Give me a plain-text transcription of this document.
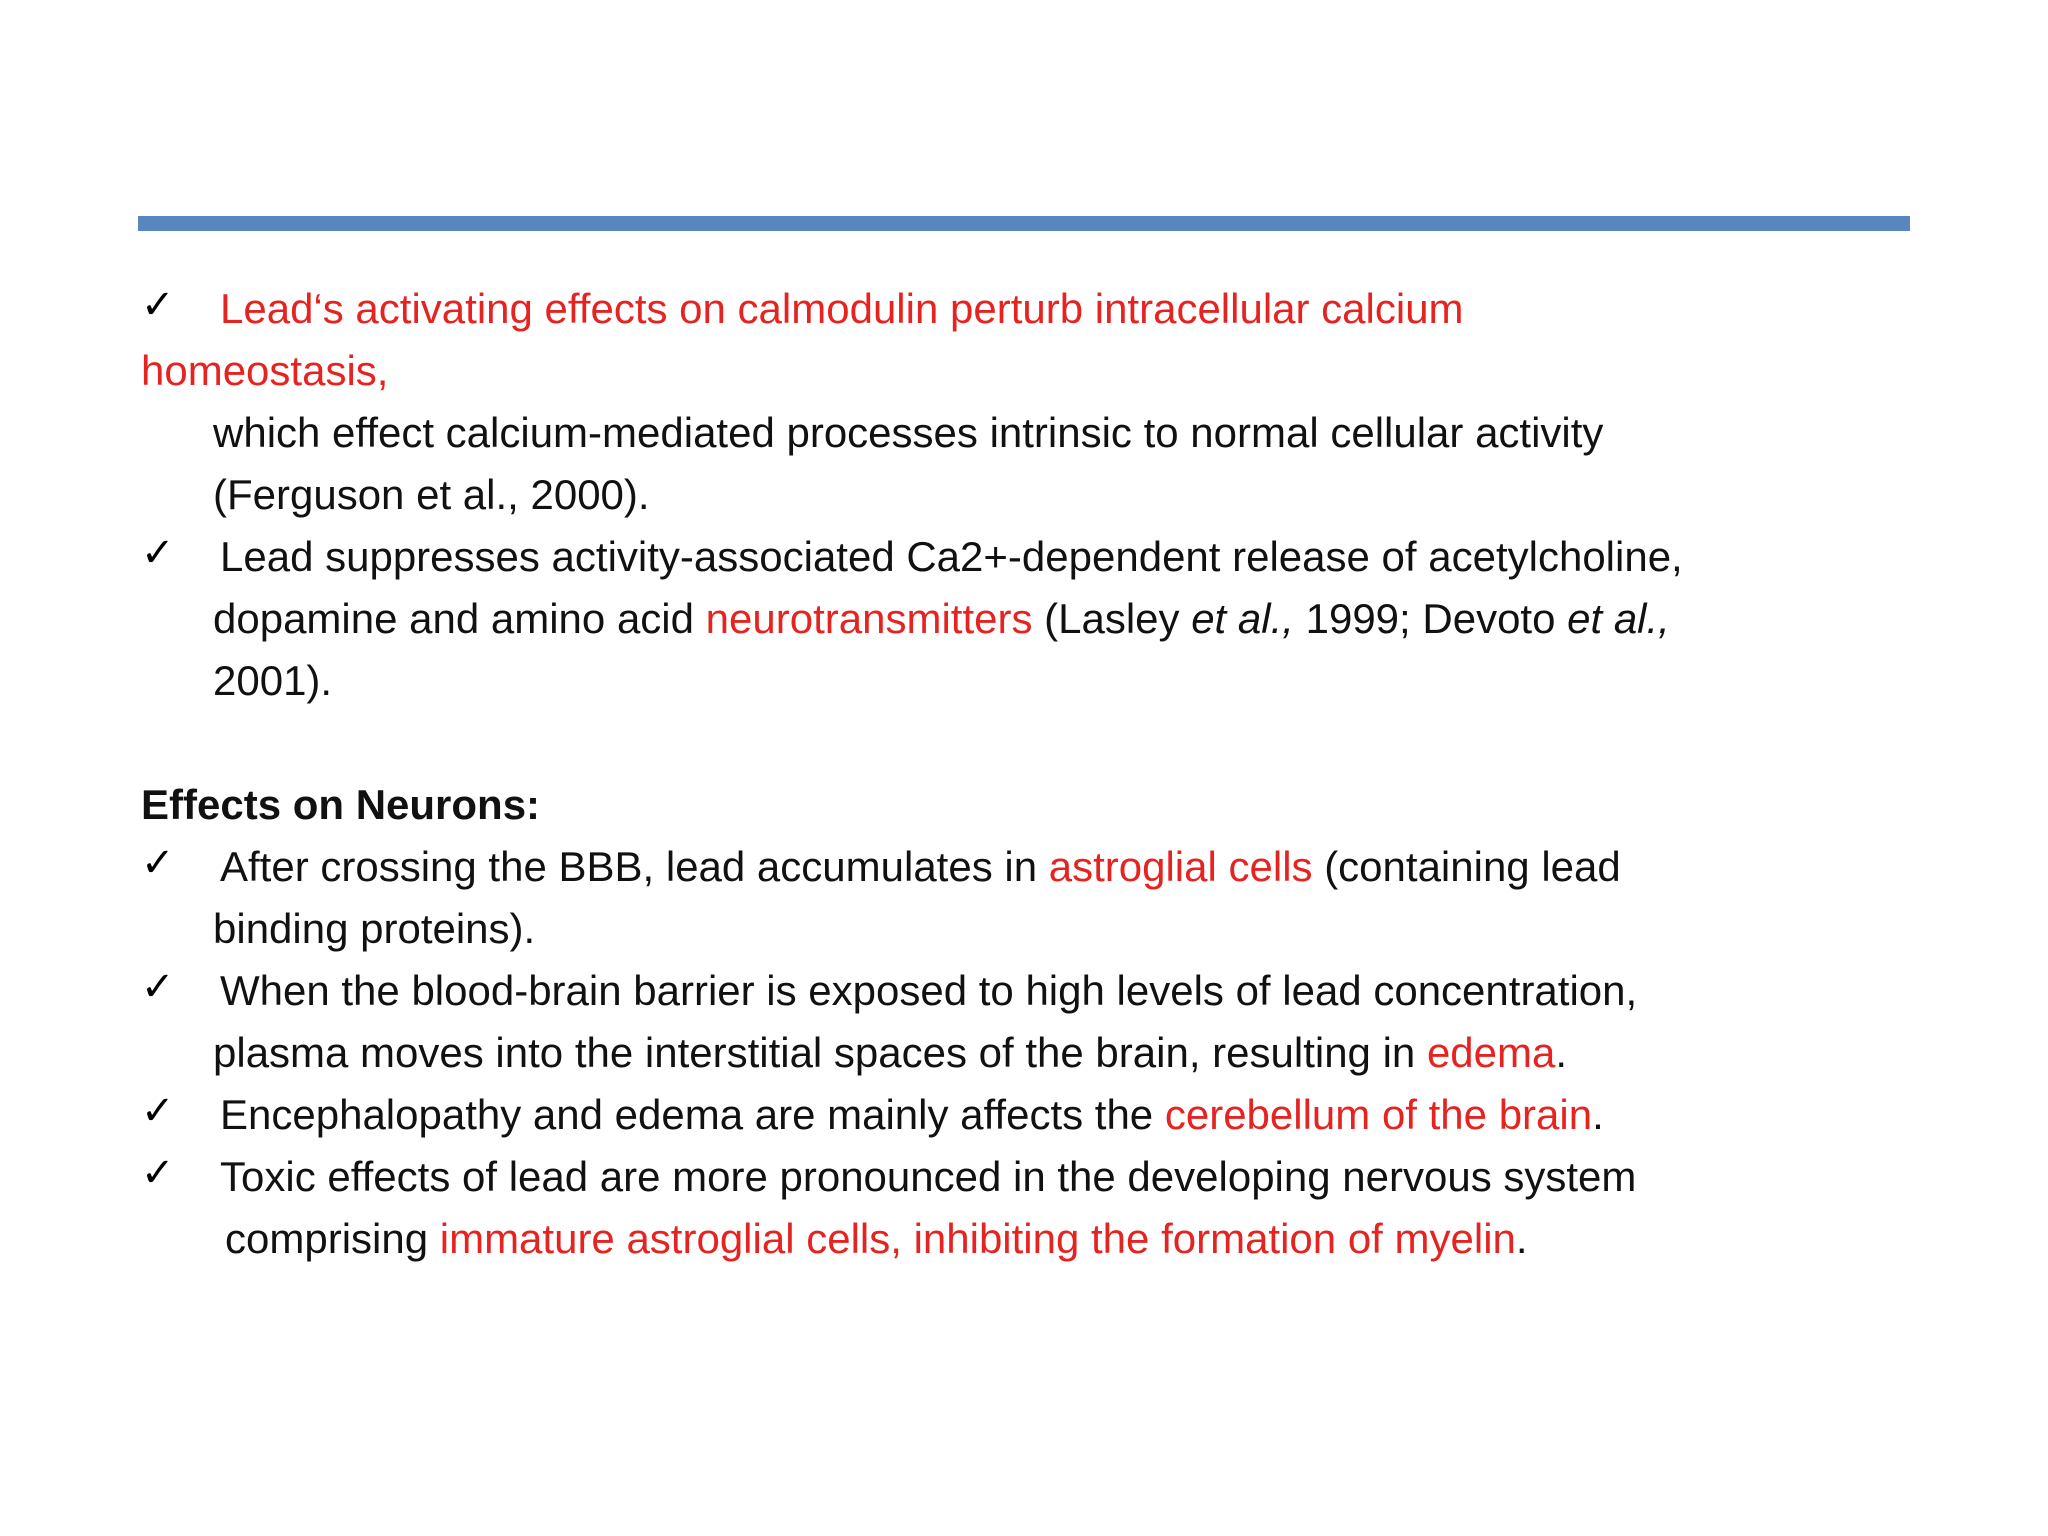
✓ Lead‘s activating effects on calmodulin perturb intracellular calcium
homeostasis,
which effect calcium-mediated processes intrinsic to normal cellular activity
(Ferguson et al., 2000).
✓ Lead suppresses activity-associated Ca2+-dependent release of acetylcholine,
dopamine and amino acid neurotransmitters (Lasley et al., 1999; Devoto et al.,
2001).
Effects on Neurons:
✓ After crossing the BBB, lead accumulates in astroglial cells (containing lead
binding proteins).
✓ When the blood-brain barrier is exposed to high levels of lead concentration,
plasma moves into the interstitial spaces of the brain, resulting in edema.
✓ Encephalopathy and edema are mainly affects the cerebellum of the brain.
✓ Toxic effects of lead are more pronounced in the developing nervous system
comprising immature astroglial cells, inhibiting the formation of myelin.
